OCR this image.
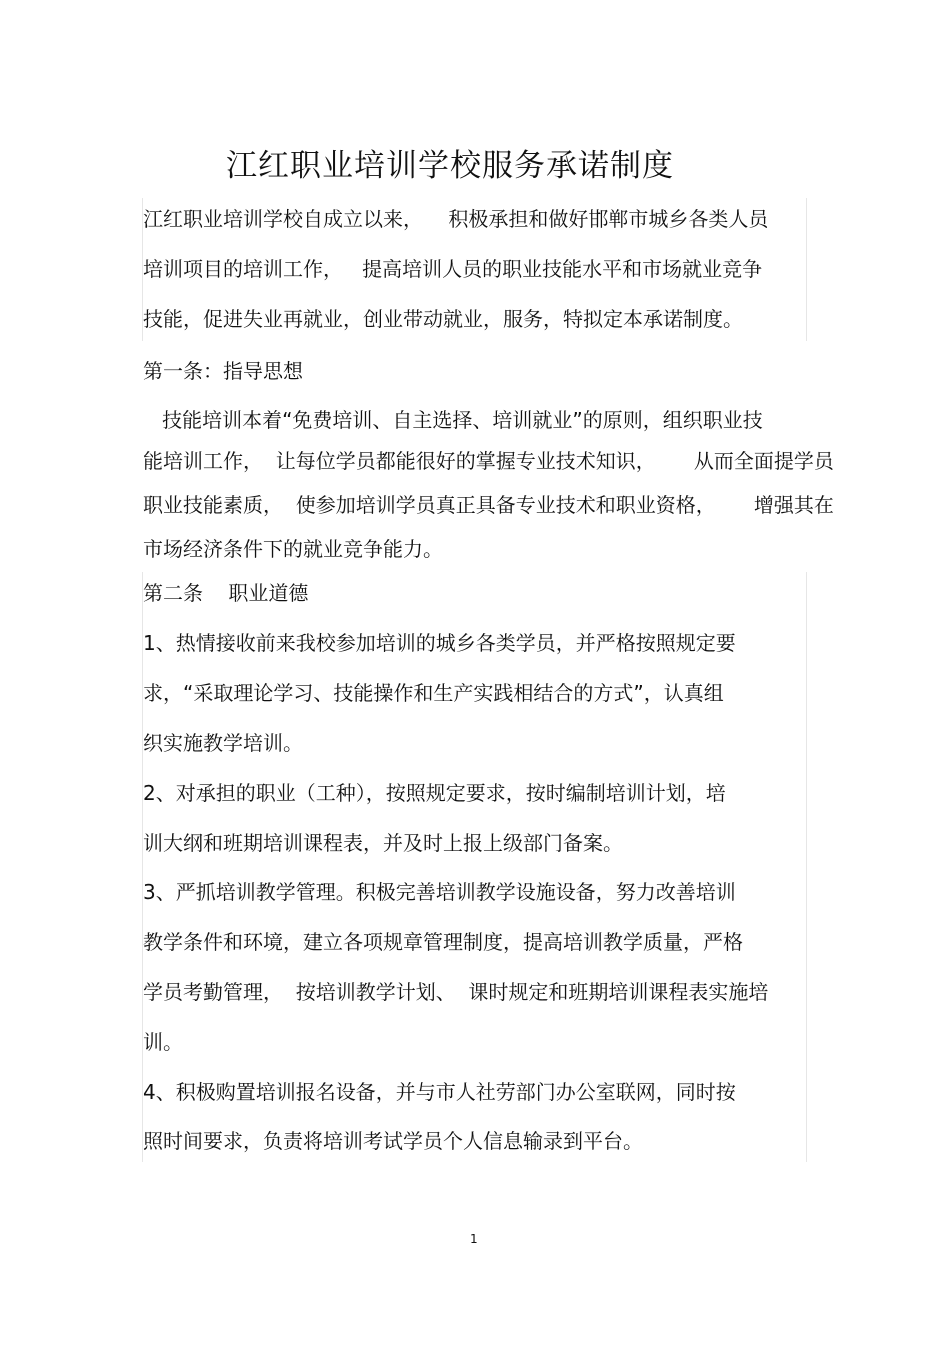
江红职业培训学校服务承诺制度
江红职业培训学校自成立以来，    积极承担和做好邯郸市城乡各类人员
培训项目的培训工作，   提高培训人员的职业技能水平和市场就业竞争
技能，促进失业再就业，创业带动就业，服务，特拟定本承诺制度。
第一条：指导思想
技能培训本着“免费培训、自主选择、培训就业”的原则，组织职业技
能培训工作，  让每位学员都能很好的掌握专业技术知识，      从而全面提学员
职业技能素质，  使参加培训学员真正具备专业技术和职业资格，      增强其在
市场经济条件下的就业竞争能力。
第二条    职业道德
1、热情接收前来我校参加培训的城乡各类学员，并严格按照规定要
求，“采取理论学习、技能操作和生产实践相结合的方式”，认真组
织实施教学培训。
2、对承担的职业（工种），按照规定要求，按时编制培训计划，培
训大纲和班期培训课程表，并及时上报上级部门备案。
3、严抓培训教学管理。积极完善培训教学设施设备，努力改善培训
教学条件和环境，建立各项规章管理制度，提高培训教学质量，严格
学员考勤管理，  按培训教学计划、  课时规定和班期培训课程表实施培
训。
4、积极购置培训报名设备，并与市人社劳部门办公室联网，同时按
照时间要求，负责将培训考试学员个人信息输录到平台。
1
